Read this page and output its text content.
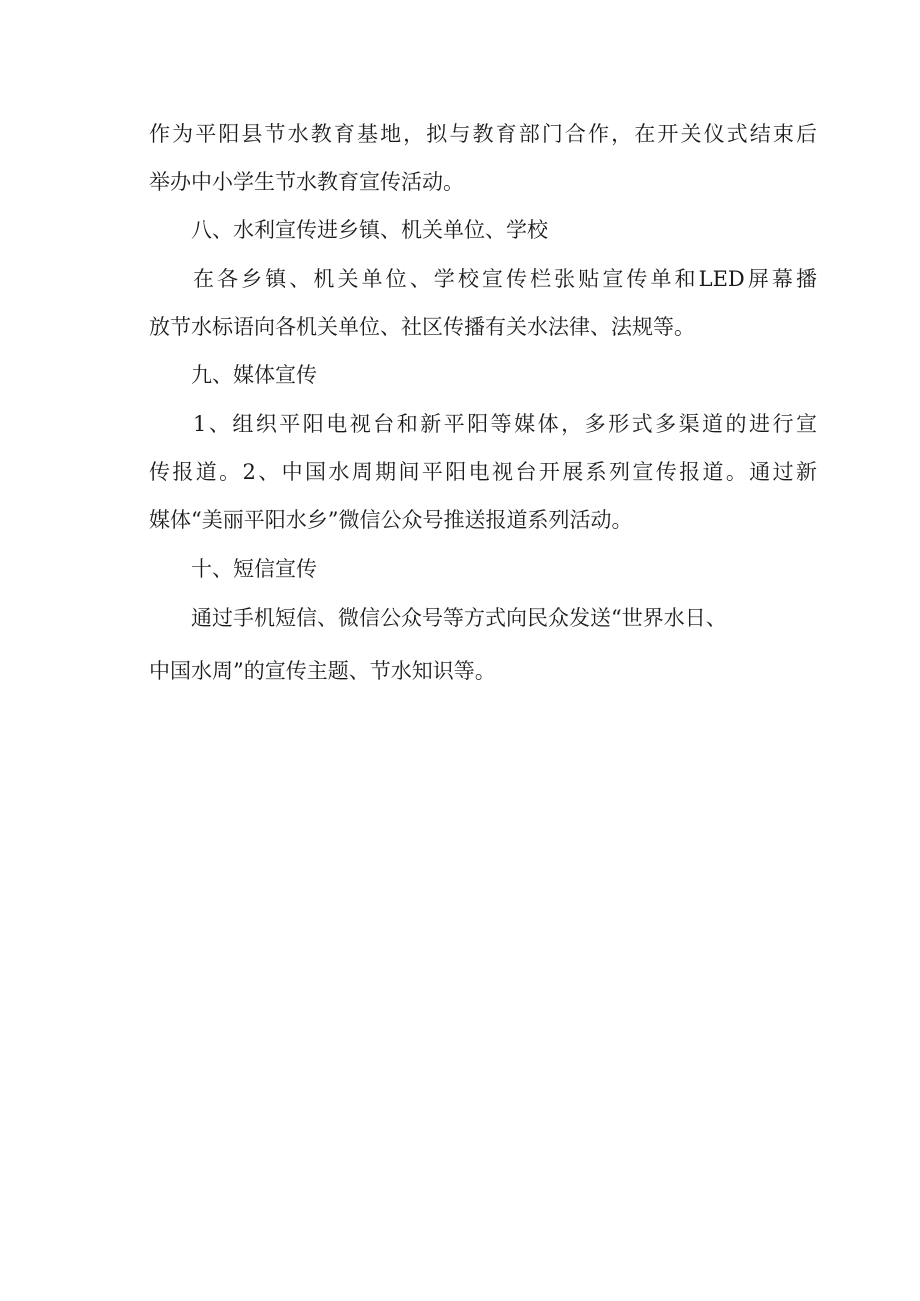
作为平阳县节水教育基地，拟与教育部门合作，在开关仪式结束后
举办中小学生节水教育宣传活动。
八、水利宣传进乡镇、机关单位、学校
在各乡镇、机关单位、学校宣传栏张贴宣传单和LED屏幕播
放节水标语向各机关单位、社区传播有关水法律、法规等。
九、媒体宣传
1、组织平阳电视台和新平阳等媒体，多形式多渠道的进行宣
传报道。2、中国水周期间平阳电视台开展系列宣传报道。通过新
媒体“美丽平阳水乡”微信公众号推送报道系列活动。
十、短信宣传
通过手机短信、微信公众号等方式向民众发送“世界水日、
中国水周”的宣传主题、节水知识等。
